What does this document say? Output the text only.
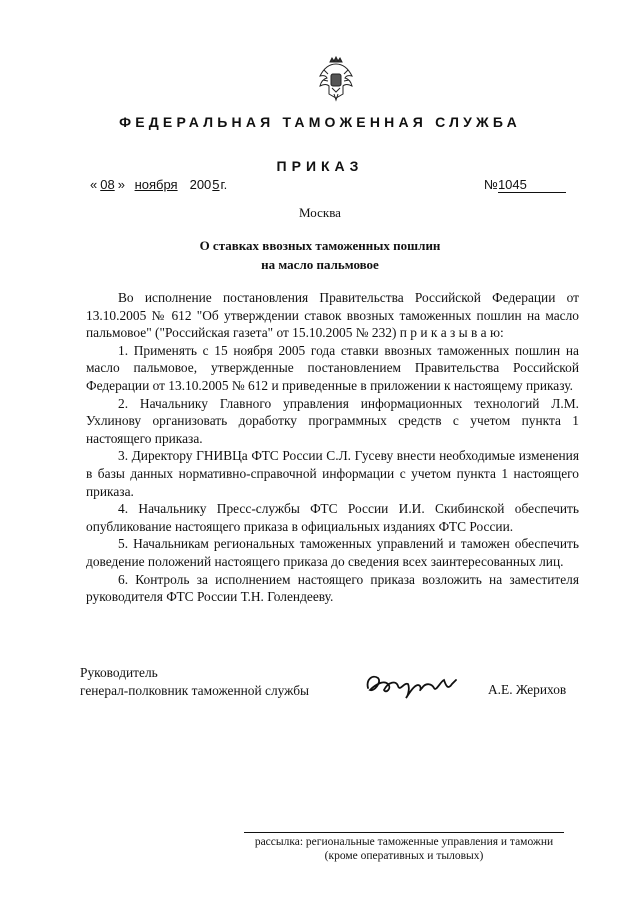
ФЕДЕРАЛЬНАЯ ТАМОЖЕННАЯ СЛУЖБА
ПРИКАЗ
« 08 » ноября 2005г.	№1045
Москва
О ставках ввозных таможенных пошлин
на масло пальмовое

Во исполнение постановления Правительства Российской Федерации от 13.10.2005 № 612 "Об утверждении ставок ввозных таможенных пошлин на масло пальмовое" ("Российская газета" от 15.10.2005 № 232) п р и к а з ы в а ю:

1. Применять с 15 ноября 2005 года ставки ввозных таможенных пошлин на масло пальмовое, утвержденные постановлением Правительства Российской Федерации от 13.10.2005 № 612 и приведенные в приложении к настоящему приказу.

2. Начальнику Главного управления информационных технологий Л.М. Ухлинову организовать доработку программных средств с учетом пункта 1 настоящего приказа.

3. Директору ГНИВЦа ФТС России С.Л. Гусеву внести необходимые изменения в базы данных нормативно-справочной информации с учетом пункта 1 настоящего приказа.

4. Начальнику Пресс-службы ФТС России И.И. Скибинской обеспечить опубликование настоящего приказа в официальных изданиях ФТС России.

5. Начальникам региональных таможенных управлений и таможен обеспечить доведение положений настоящего приказа до сведения всех заинтересованных лиц.

6. Контроль за исполнением настоящего приказа возложить на заместителя руководителя ФТС России Т.Н. Голендееву.

Руководитель
генерал-полковник таможенной службы	А.Е. Жерихов
рассылка: региональные таможенные управления и таможни
(кроме оперативных и тыловых)
